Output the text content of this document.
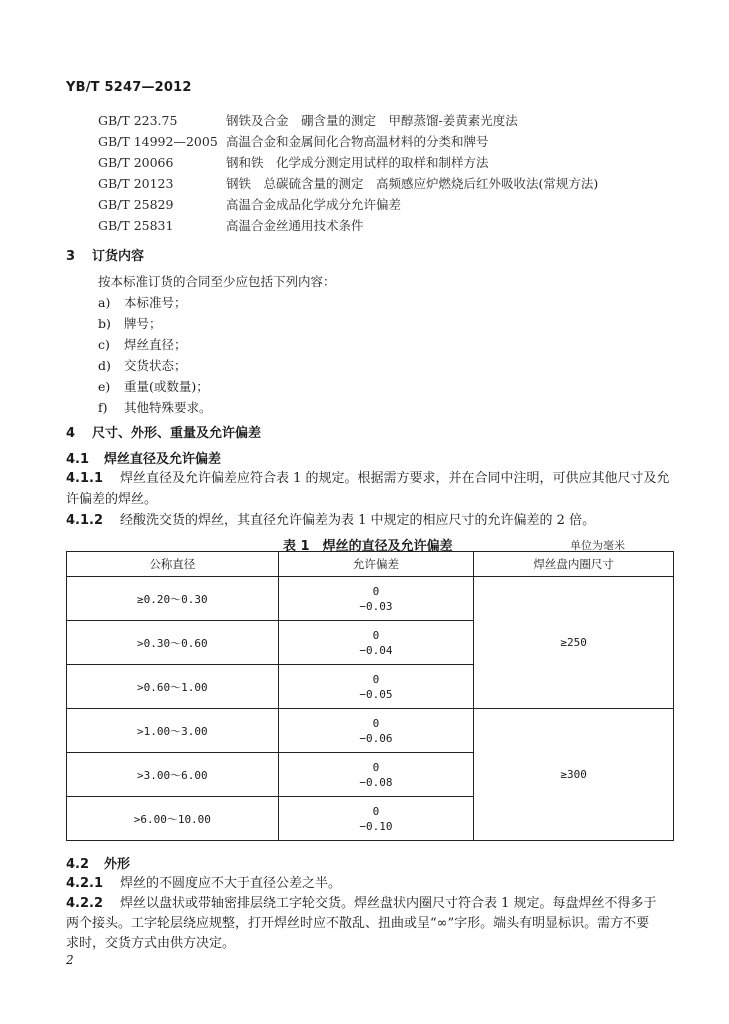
YB/T 5247—2012
GB/T 223.75	钢铁及合金　硼含量的测定　甲醇蒸馏-姜黄素光度法
GB/T 14992—2005 高温合金和金属间化合物高温材料的分类和牌号
GB/T 20066	钢和铁　化学成分测定用试样的取样和制样方法
GB/T 20123	钢铁　总碳硫含量的测定　高频感应炉燃烧后红外吸收法(常规方法)
GB/T 25829	高温合金成品化学成分允许偏差
GB/T 25831	高温合金丝通用技术条件
3 订货内容
按本标准订货的合同至少应包括下列内容：
a) 本标准号；
b) 牌号；
c) 焊丝直径；
d) 交货状态；
e) 重量(或数量)；
f) 其他特殊要求。
4 尺寸、外形、重量及允许偏差
4.1 焊丝直径及允许偏差
4.1.1 焊丝直径及允许偏差应符合表 1 的规定。根据需方要求，并在合同中注明，可供应其他尺寸及允
许偏差的焊丝。
4.1.2 经酸洗交货的焊丝，其直径允许偏差为表 1 中规定的相应尺寸的允许偏差的 2 倍。
表 1　焊丝的直径及允许偏差	单位为毫米
公称直径	允许偏差	焊丝盘内圈尺寸
≥0.20～0.30	0
−0.03	≥250
>0.30～0.60	0
−0.04	

>0.60～1.00	0
−0.05	

>1.00～3.00	0
−0.06	≥300
>3.00～6.00	0
−0.08	

>6.00～10.00	0
−0.10	
4.2 外形
4.2.1 焊丝的不圆度应不大于直径公差之半。
4.2.2 焊丝以盘状或带轴密排层绕工字轮交货。焊丝盘状内圈尺寸符合表 1 规定。每盘焊丝不得多于
两个接头。工字轮层绕应规整，打开焊丝时应不散乱、扭曲或呈“∞”字形。端头有明显标识。需方不要
求时，交货方式由供方决定。
2
